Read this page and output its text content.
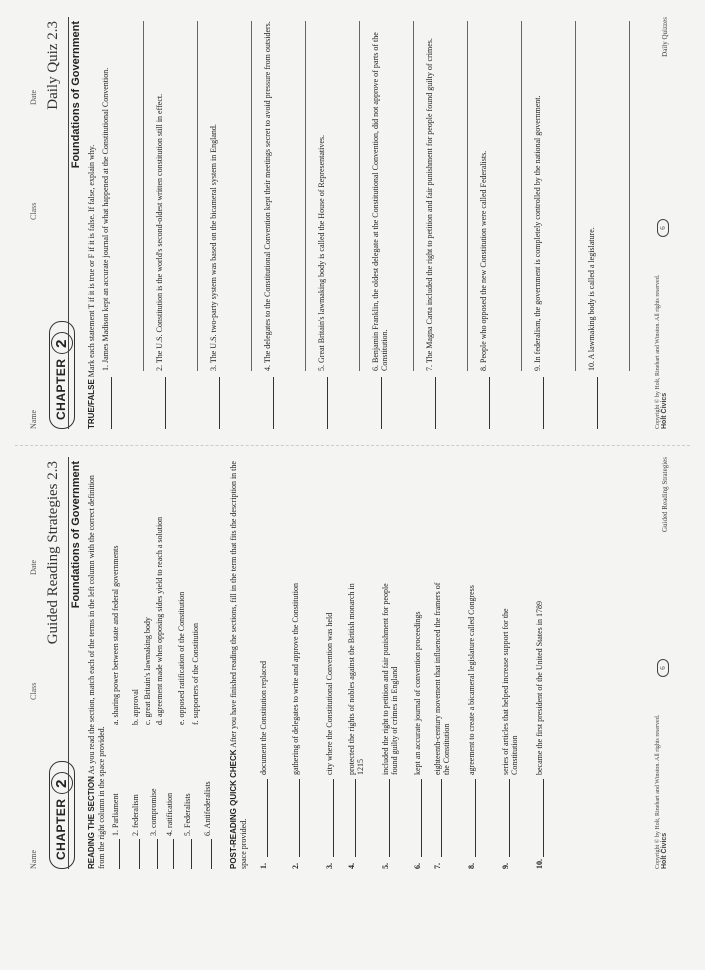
Name
Class
Date
CHAPTER2
Guided Reading Strategies 2.3 Foundations of Government
READING THE SECTION As you read the section, match each of the terms in the left column with the correct definition from the right column in the space provided. 1. Parliament 2. federalism 3. compromise 4. ratification 5. Federalists 6. Antifederalists
a. sharing power between state and federal governments b. approval c. great Britain's lawmaking body d. agreement made when opposing sides yield to reach a solution e. opposed ratification of the Constitution f. supporters of the Constitution
POST-READING QUICK CHECK After you have finished reading the sections, fill in the term that fits the description in the space provided. 1.
document the Constitution replaced
2.
gathering of delegates to write and approve the Constitution
3.
city where the Constitutional Convention was held
4.
protected the rights of nobles against the British monarch in 1215
5.
included the right to petition and fair punishment for people found guilty of crimes in England
6.
kept an accurate journal of convention proceedings
7.
eighteenth-century movement that influenced the framers of the Constitution
8.
agreement to create a bicameral legislature called Congress
9.
series of articles that helped increase support for the Constitution
10.
became the first president of the United States in 1789
Copyright © by Holt, Rinehart and Winston. All rights reserved. Holt Civics
6
Guided Reading Strategies
Name
Class
Date
CHAPTER2
Daily Quiz 2.3 Foundations of Government
TRUE/FALSE Mark each statement T if it is true or F if it is false. If false, explain why. 1. James Madison kept an accurate journal of what happened at the Constitutional Convention.	2. The U.S. Constitution is the world's second-oldest written constitution still in effect.	3. The U.S. two-party system was based on the bicameral system in England.	4. The delegates to the Constitutional Convention kept their meetings secret to avoid pressure from outsiders.	5. Great Britain's lawmaking body is called the House of Representatives.	6. Benjamin Franklin, the oldest delegate at the Constitutional Convention, did not approve of parts of the Constitution.	7. The Magna Carta included the right to petition and fair punishment for people found guilty of crimes.	8. People who opposed the new Constitution were called Federalists.	9. In federalism, the government is completely controlled by the national government.	10. A lawmaking body is called a legislature.	Copyright © by Holt, Rinehart and Winston. All rights reserved. Holt Civics
6
Daily Quizzes
